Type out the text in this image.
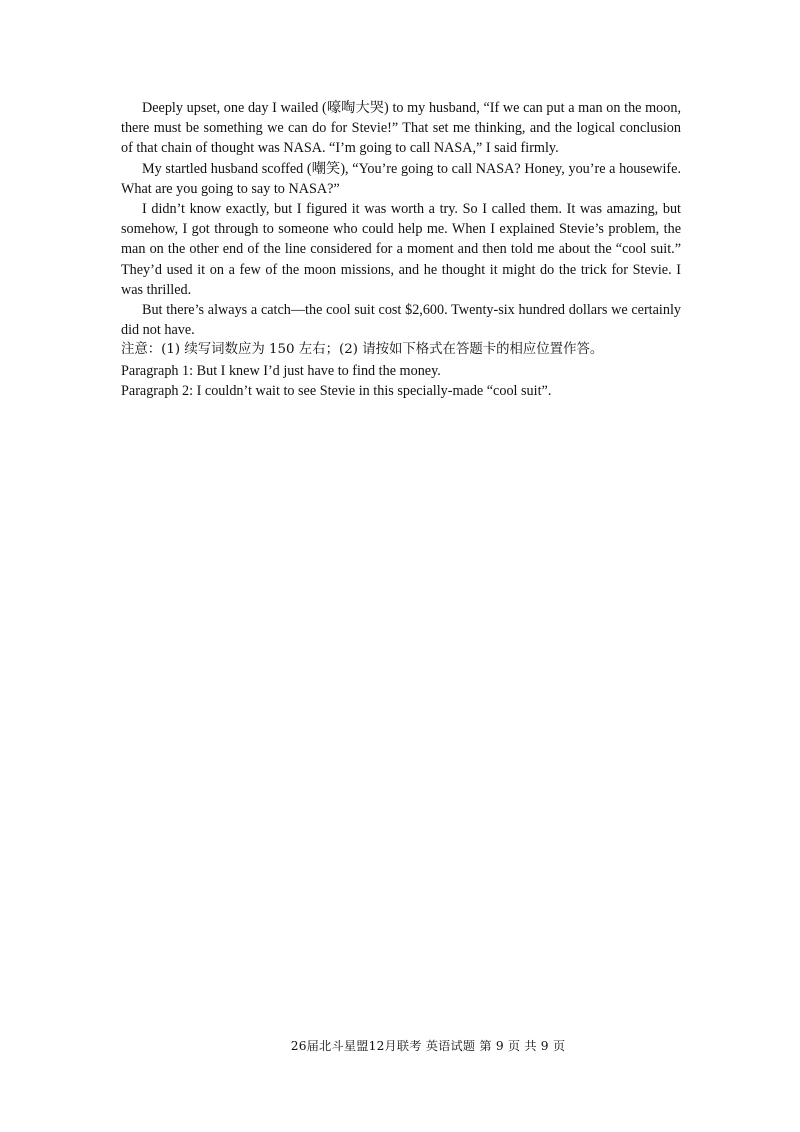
Deeply upset, one day I wailed (嚎啕大哭) to my husband, “If we can put a man on the moon, there must be something we can do for Stevie!” That set me thinking, and the logical conclusion of that chain of thought was NASA. “I’m going to call NASA,” I said firmly.

My startled husband scoffed (嘲笑), “You’re going to call NASA? Honey, you’re a housewife. What are you going to say to NASA?”

I didn’t know exactly, but I figured it was worth a try. So I called them. It was amazing, but somehow, I got through to someone who could help me. When I explained Stevie’s problem, the man on the other end of the line considered for a moment and then told me about the “cool suit.” They’d used it on a few of the moon missions, and he thought it might do the trick for Stevie. I was thrilled.

But there’s always a catch—the cool suit cost $2,600. Twenty-six hundred dollars we certainly did not have.

注意：(1) 续写词数应为 150 左右；(2) 请按如下格式在答题卡的相应位置作答。

Paragraph 1: But I knew I’d just have to find the money.

Paragraph 2: I couldn’t wait to see Stevie in this specially-made “cool suit”.

26届北斗星盟12月联考 英语试题 第 9 页 共 9 页
